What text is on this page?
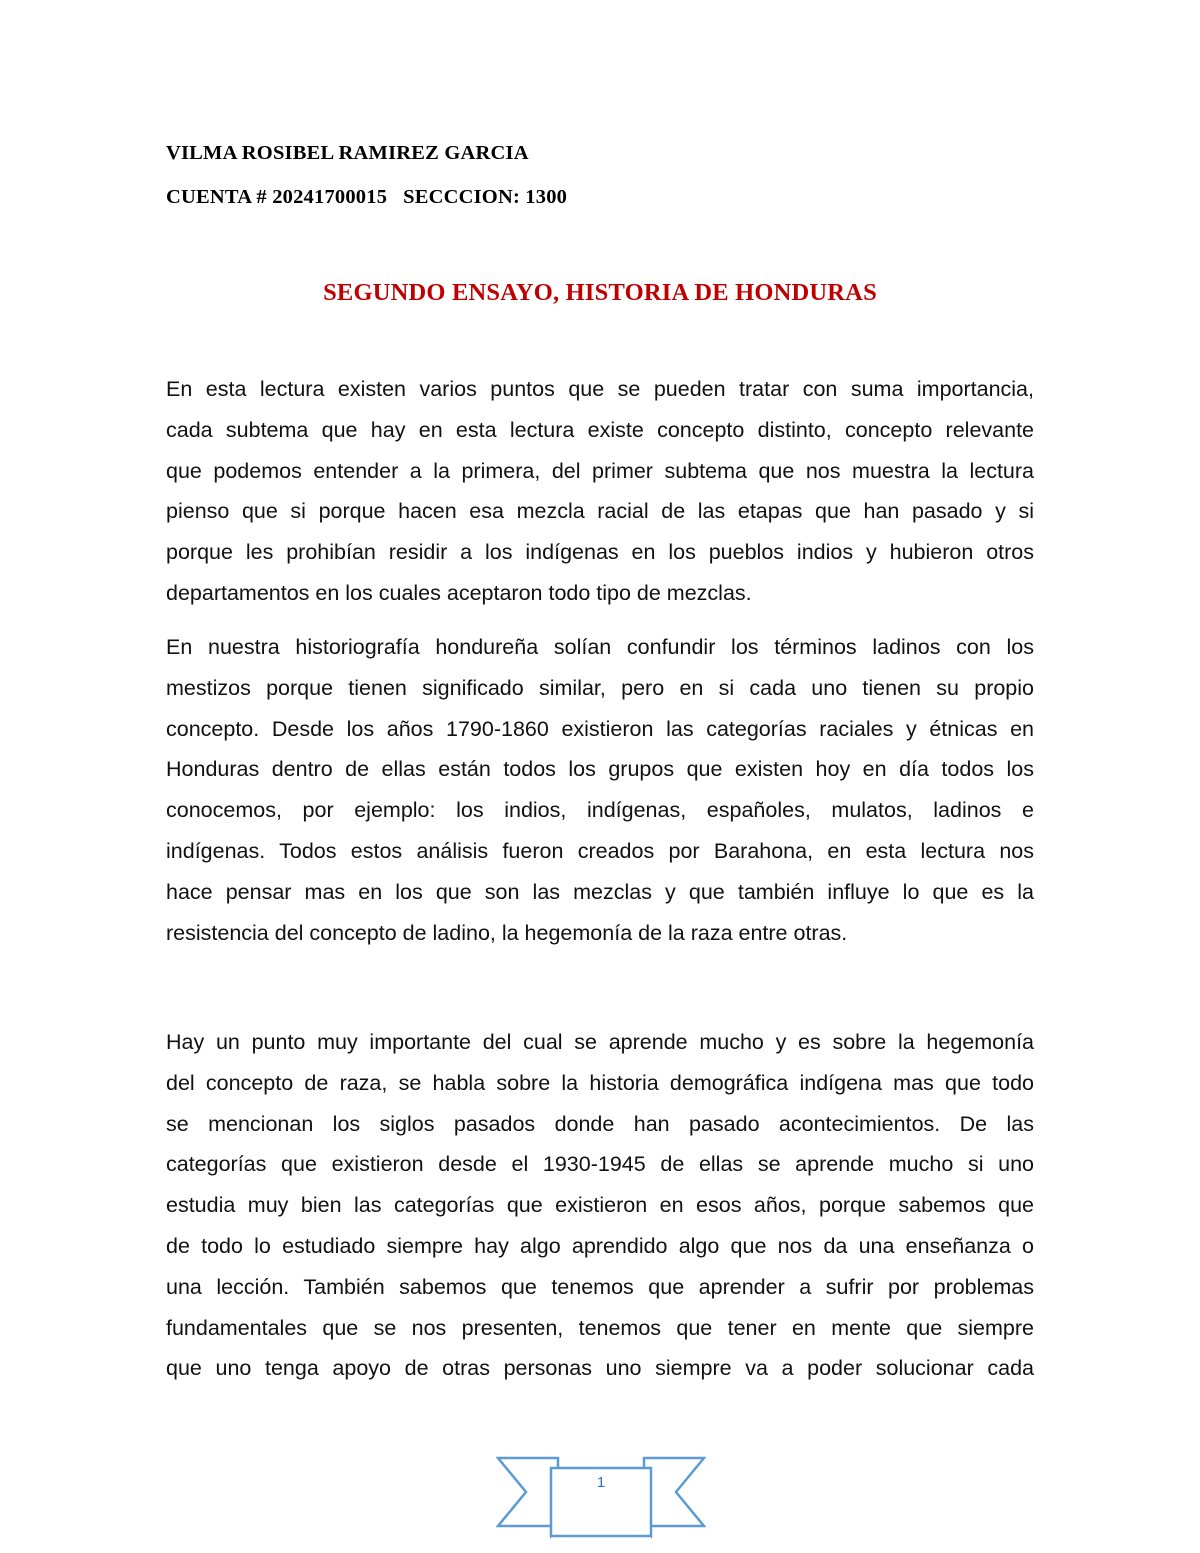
VILMA ROSIBEL RAMIREZ GARCIA
CUENTA # 20241700015   SECCCION: 1300
SEGUNDO ENSAYO, HISTORIA DE HONDURAS
En esta lectura existen varios puntos que se pueden tratar con suma importancia,
cada subtema que hay en esta lectura existe concepto distinto, concepto relevante
que podemos entender a la primera, del primer subtema que nos muestra la lectura
pienso que si porque hacen esa mezcla racial de las etapas que han pasado y si
porque les prohibían residir a los indígenas en los pueblos indios y hubieron otros
departamentos en los cuales aceptaron todo tipo de mezclas.
En nuestra historiografía hondureña solían confundir los términos ladinos con los
mestizos porque tienen significado similar, pero en si cada uno tienen su propio
concepto. Desde los años 1790-1860 existieron las categorías raciales y étnicas en
Honduras dentro de ellas están todos los grupos que existen hoy en día todos los
conocemos, por ejemplo: los indios, indígenas, españoles, mulatos, ladinos e
indígenas. Todos estos análisis fueron creados por Barahona, en esta lectura nos
hace pensar mas en los que son las mezclas y que también influye lo que es la
resistencia del concepto de ladino, la hegemonía de la raza entre otras.
Hay un punto muy importante del cual se aprende mucho y es sobre la hegemonía
del concepto de raza, se habla sobre la historia demográfica indígena mas que todo
se mencionan los siglos pasados donde han pasado acontecimientos. De las
categorías que existieron desde el 1930-1945 de ellas se aprende mucho si uno
estudia muy bien las categorías que existieron en esos años, porque sabemos que
de todo lo estudiado siempre hay algo aprendido algo que nos da una enseñanza o
una lección. También sabemos que tenemos que aprender a sufrir por problemas
fundamentales que se nos presenten, tenemos que tener en mente que siempre
que uno tenga apoyo de otras personas uno siempre va a poder solucionar cada
1
